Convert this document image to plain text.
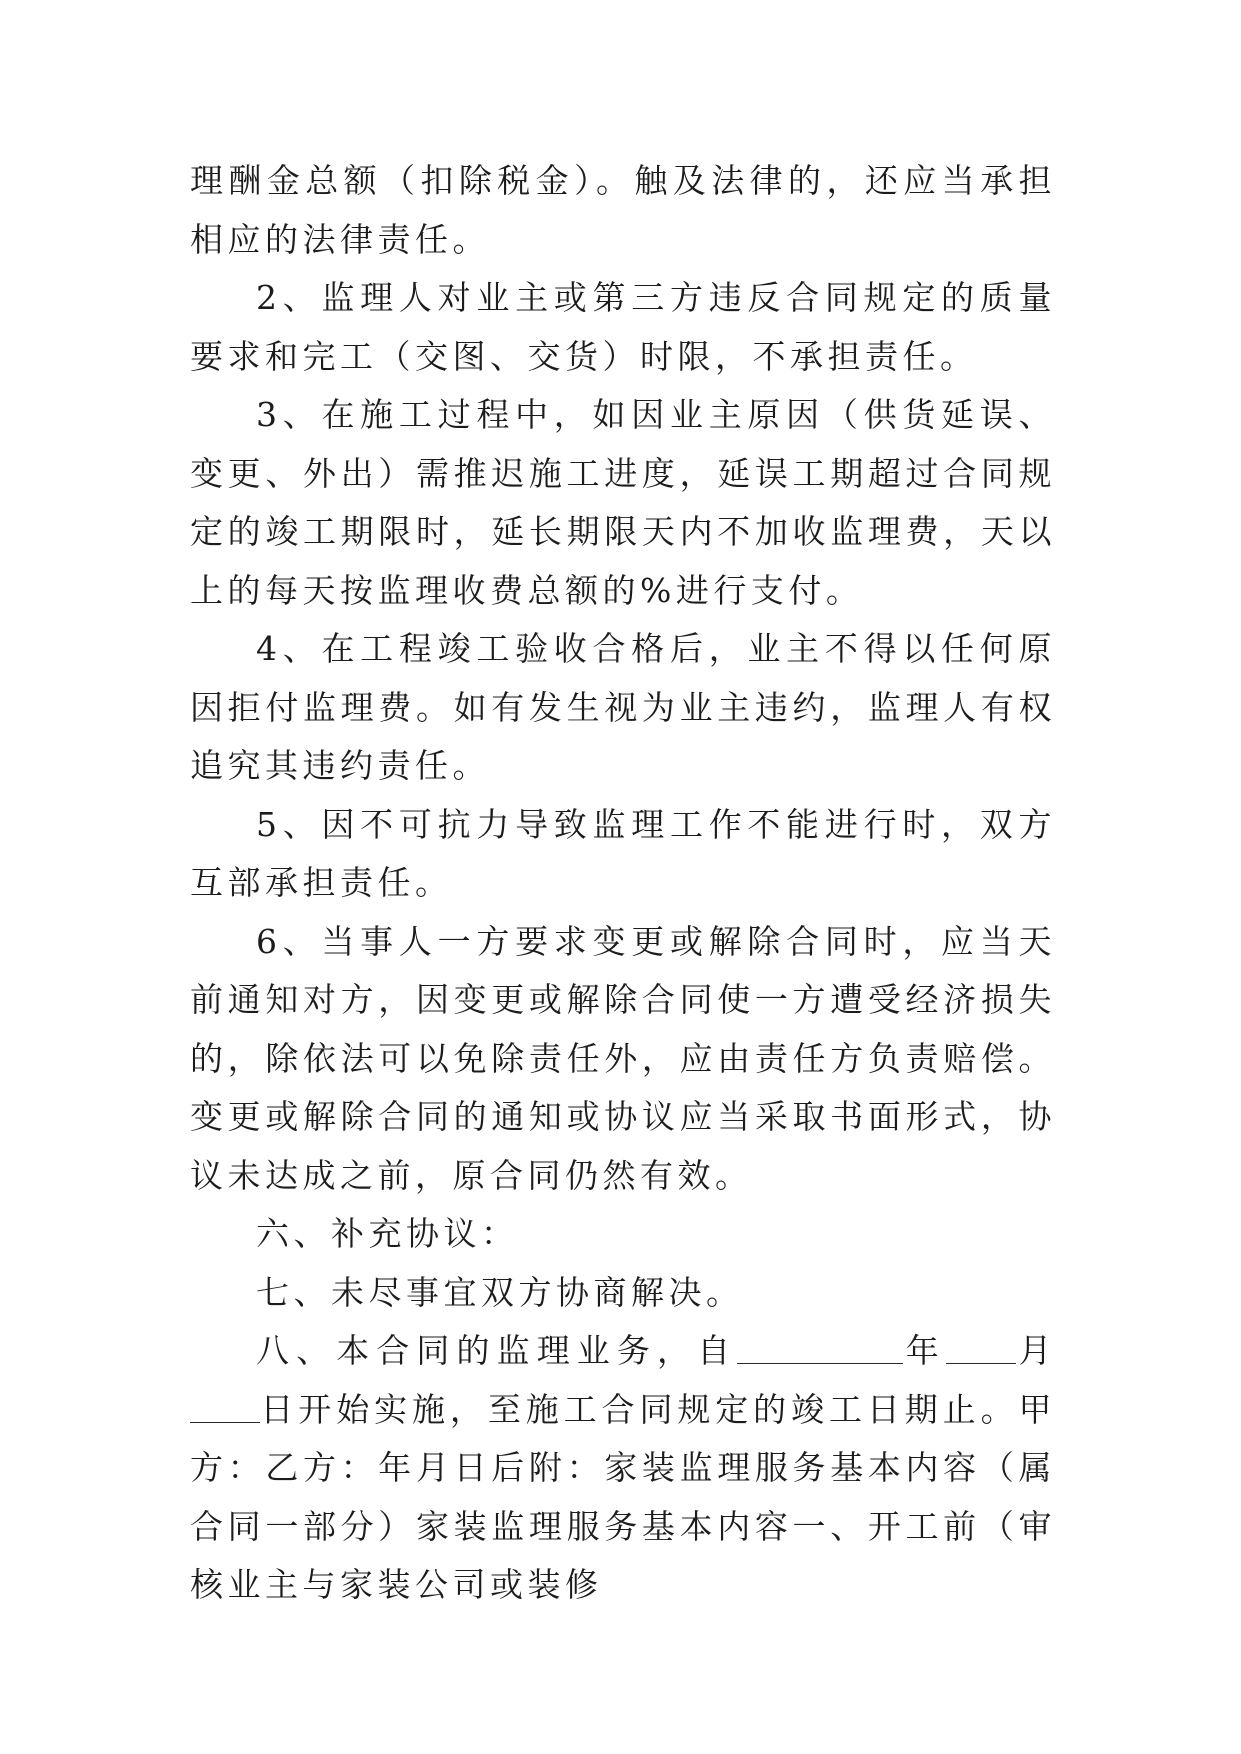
理酬金总额（扣除税金）。触及法律的，还应当承担相应的法律责任。

2、监理人对业主或第三方违反合同规定的质量要求和完工（交图、交货）时限，不承担责任。

3、在施工过程中，如因业主原因（供货延误、变更、外出）需推迟施工进度，延误工期超过合同规定的竣工期限时，延长期限天内不加收监理费，天以上的每天按监理收费总额的%进行支付。

4、在工程竣工验收合格后，业主不得以任何原因拒付监理费。如有发生视为业主违约，监理人有权追究其违约责任。

5、因不可抗力导致监理工作不能进行时，双方互部承担责任。

6、当事人一方要求变更或解除合同时，应当天前通知对方，因变更或解除合同使一方遭受经济损失的，除依法可以免除责任外，应由责任方负责赔偿。变更或解除合同的通知或协议应当采取书面形式，协议未达成之前，原合同仍然有效。

六、补充协议：

七、未尽事宜双方协商解决。

八、本合同的监理业务，自	年 月日开始实施，至施工合同规定的竣工日期止。甲方：乙方：年月日后附：家装监理服务基本内容（属合同一部分）家装监理服务基本内容一、开工前（审核业主与家装公司或装修
